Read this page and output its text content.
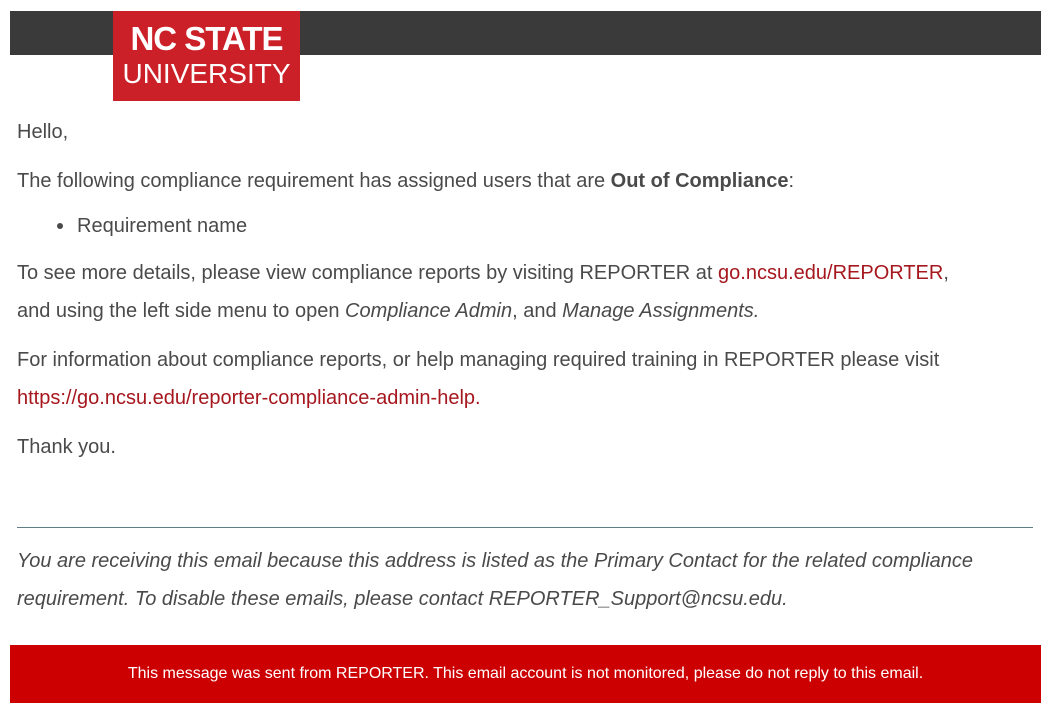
NC STATE
UNIVERSITY
Hello,
The following compliance requirement has assigned users that are Out of Compliance:
Requirement name
To see more details, please view compliance reports by visiting REPORTER at go.ncsu.edu/REPORTER,
and using the left side menu to open Compliance Admin, and Manage Assignments.
For information about compliance reports, or help managing required training in REPORTER please visit
https://go.ncsu.edu/reporter-compliance-admin-help.
Thank you.
You are receiving this email because this address is listed as the Primary Contact for the related compliance
requirement. To disable these emails, please contact REPORTER_Support@ncsu.edu.
This message was sent from REPORTER. This email account is not monitored, please do not reply to this email.
